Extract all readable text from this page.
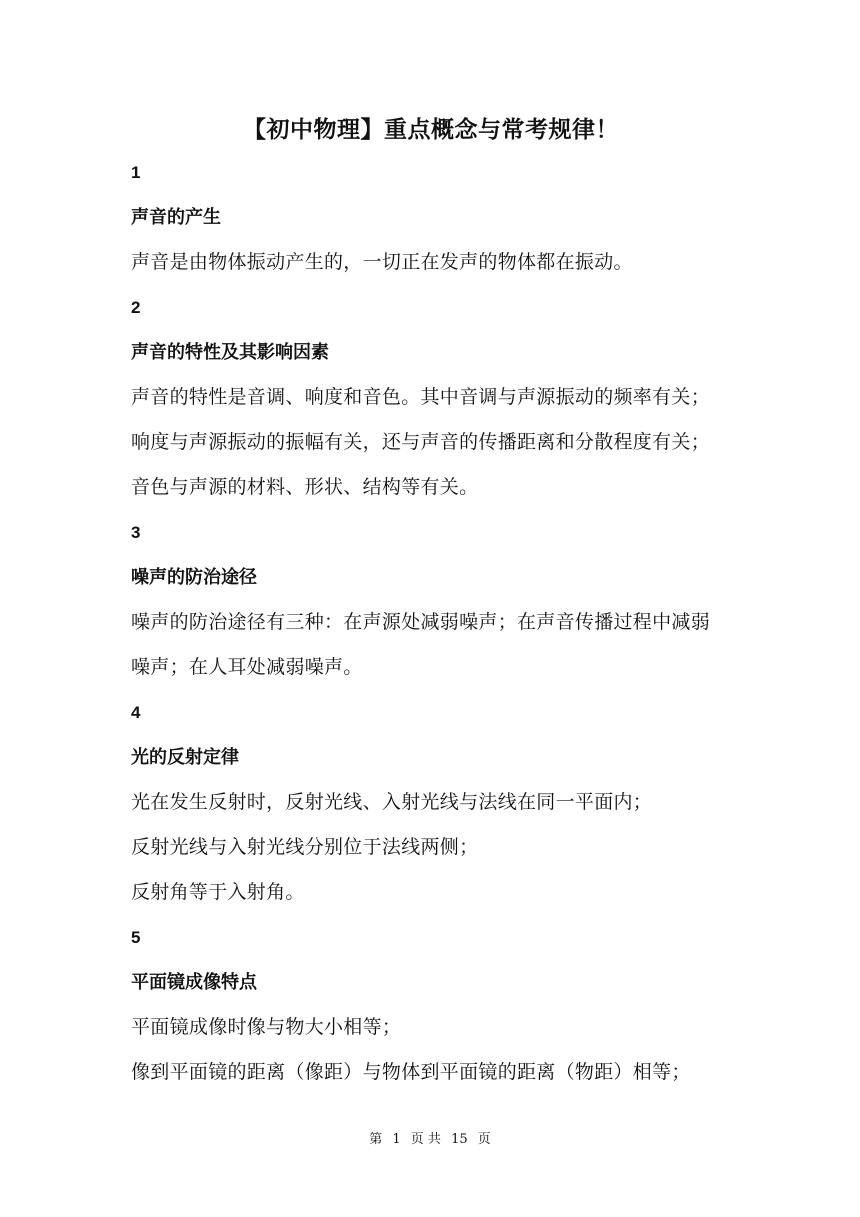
【初中物理】重点概念与常考规律！

1

声音的产生

声音是由物体振动产生的，一切正在发声的物体都在振动。

2

声音的特性及其影响因素

声音的特性是音调、响度和音色。其中音调与声源振动的频率有关；

响度与声源振动的振幅有关，还与声音的传播距离和分散程度有关；

音色与声源的材料、形状、结构等有关。

3

噪声的防治途径

噪声的防治途径有三种：在声源处减弱噪声；在声音传播过程中减弱

噪声；在人耳处减弱噪声。

4

光的反射定律

光在发生反射时，反射光线、入射光线与法线在同一平面内；

反射光线与入射光线分别位于法线两侧；

反射角等于入射角。

5

平面镜成像特点

平面镜成像时像与物大小相等；

像到平面镜的距离（像距）与物体到平面镜的距离（物距）相等；

第 1 页 共 15 页
